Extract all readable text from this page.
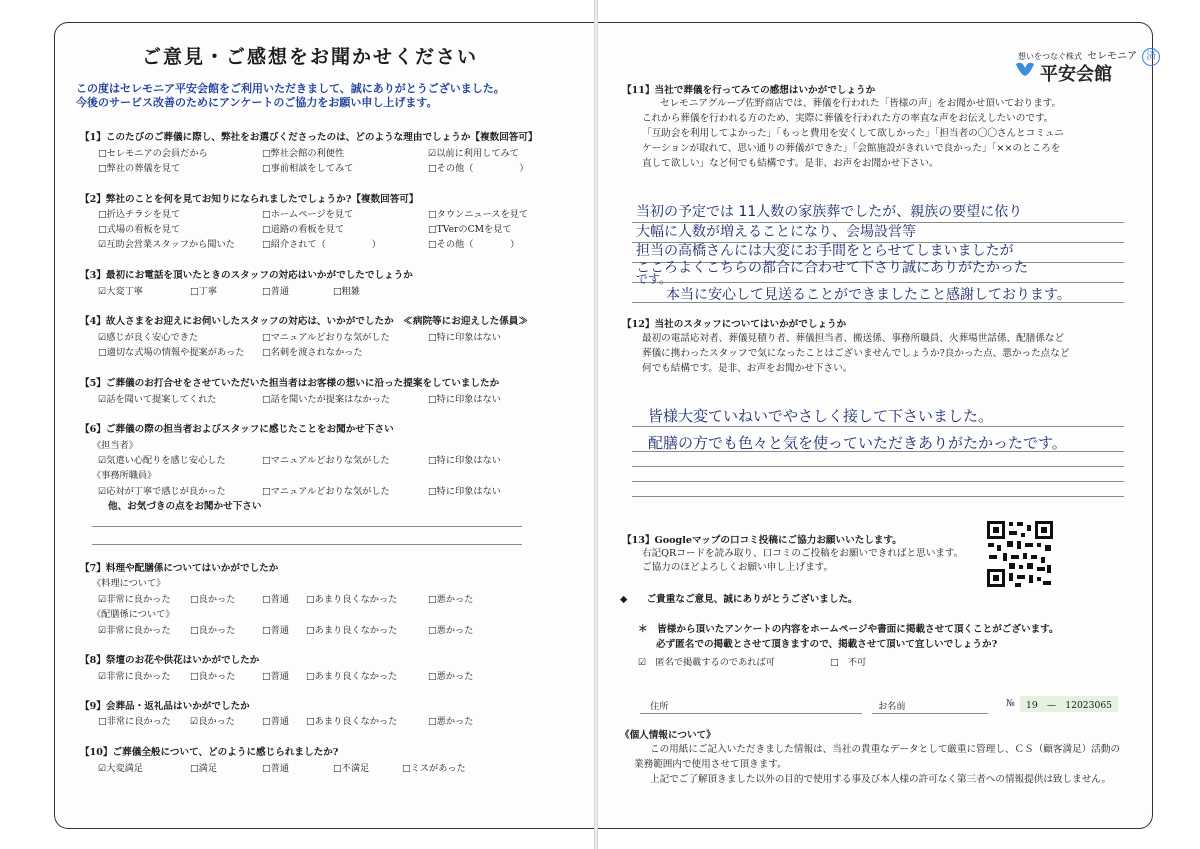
ご意見・ご感想をお聞かせください
この度はセレモニア平安会館をご利用いただきまして、誠にありがとうございました。
今後のサービス改善のためにアンケートのご協力をお願い申し上げます。
【1】このたびのご葬儀に際し、弊社をお選びくださったのは、どのような理由でしょうか【複数回答可】
□セレモニアの会員だから	□弊社会館の利便性	☑以前に利用してみて
□弊社の葬儀を見て	□事前相談をしてみて	□その他（　　　　　）
【2】弊社のことを何を見てお知りになられましたでしょうか?【複数回答可】
□折込チラシを見て	□ホームページを見て	□タウンニュースを見て
□式場の看板を見て	□道路の看板を見て	□TVerのCMを見て
☑互助会営業スタッフから聞いた	□紹介されて（　　　　　）	□その他（　　　　）
【3】最初にお電話を頂いたときのスタッフの対応はいかがでしたでしょうか
☑大変丁寧	□丁寧	□普通	□粗雑
【4】故人さまをお迎えにお伺いしたスタッフの対応は、いかがでしたか　≪病院等にお迎えした係員≫
☑感じが良く安心できた	□マニュアルどおりな気がした	□特に印象はない
□適切な式場の情報や提案があった □名刺を渡されなかった
【5】ご葬儀のお打合せをさせていただいた担当者はお客様の想いに沿った提案をしていましたか
☑話を聞いて提案してくれた	□話を聞いたが提案はなかった	□特に印象はない
【6】ご葬儀の際の担当者およびスタッフに感じたことをお聞かせ下さい
《担当者》
☑気遣い心配りを感じ安心した	□マニュアルどおりな気がした	□特に印象はない
《事務所職員》
☑応対が丁寧で感じが良かった	□マニュアルどおりな気がした	□特に印象はない
他、お気づきの点をお聞かせ下さい
【7】料理や配膳係についてはいかがでしたか
《料理について》
☑非常に良かった □良かった	□普通 □あまり良くなかった	□悪かった
《配膳係について》
☑非常に良かった □良かった	□普通 □あまり良くなかった	□悪かった
【8】祭壇のお花や供花はいかがでしたか
☑非常に良かった □良かった	□普通 □あまり良くなかった	□悪かった
【9】会葬品・返礼品はいかがでしたか
□非常に良かった ☑良かった	□普通 □あまり良くなかった	□悪かった
【10】ご葬儀全般について、どのように感じられましたか?
☑大変満足	□満足	□普通	□不満足	□ミスがあった
想いをつなぐ株式 セレモニア 済
平安会館
【11】当社で葬儀を行ってみての感想はいかがでしょうか
セレモニアグループ佐野商店では、葬儀を行われた「皆様の声」をお聞かせ頂いております。
これから葬儀を行われる方のため、実際に葬儀を行われた方の率直な声をお伝えしたいのです。
「互助会を利用してよかった」「もっと費用を安くして欲しかった」「担当者の〇〇さんとコミュニ
ケーションが取れて、思い通りの葬儀ができた」「会館施設がきれいで良かった」「××のところを
直して欲しい」など何でも結構です。是非、お声をお聞かせ下さい。
当初の予定では 11人数の家族葬でしたが、親族の要望に依り
大幅に人数が増えることになり、会場設営等
担当の高橋さんには大変にお手間をとらせてしまいましたが
こころよくこちらの都合に合わせて下さり誠にありがたかった
です。
本当に安心して見送ることができましたこと感謝しております。
【12】当社のスタッフについてはいかがでしょうか
最初の電話応対者、葬儀見積り者、葬儀担当者、搬送係、事務所職員、火葬場世話係、配膳係など
葬儀に携わったスタッフで気になったことはございませんでしょうか?良かった点、悪かった点など
何でも結構です。是非、お声をお聞かせ下さい。
皆様大変ていねいでやさしく接して下さいました。
配膳の方でも色々と気を使っていただきありがたかったです。
【13】Googleマップの口コミ投稿にご協力お願いいたします。
右記QRコードを読み取り、口コミのご投稿をお願いできればと思います。
ご協力のほどよろしくお願い申し上げます。
◆　　ご貴重なご意見、誠にありがとうございました。
＊　皆様から頂いたアンケートの内容をホームページや書面に掲載させて頂くことがございます。
必ず匿名での掲載とさせて頂きますので、掲載させて頂いて宜しいでしょうか?
☑　匿名で掲載するのであれば可	□　不可
住所	お名前	№	19　—　12023065
《個人情報について》
この用紙にご記入いただきました情報は、当社の貴重なデータとして厳重に管理し、ＣＳ（顧客満足）活動の
業務範囲内で使用させて頂きます。
上記でご了解頂きました以外の目的で使用する事及び本人様の許可なく第三者への情報提供は致しません。
